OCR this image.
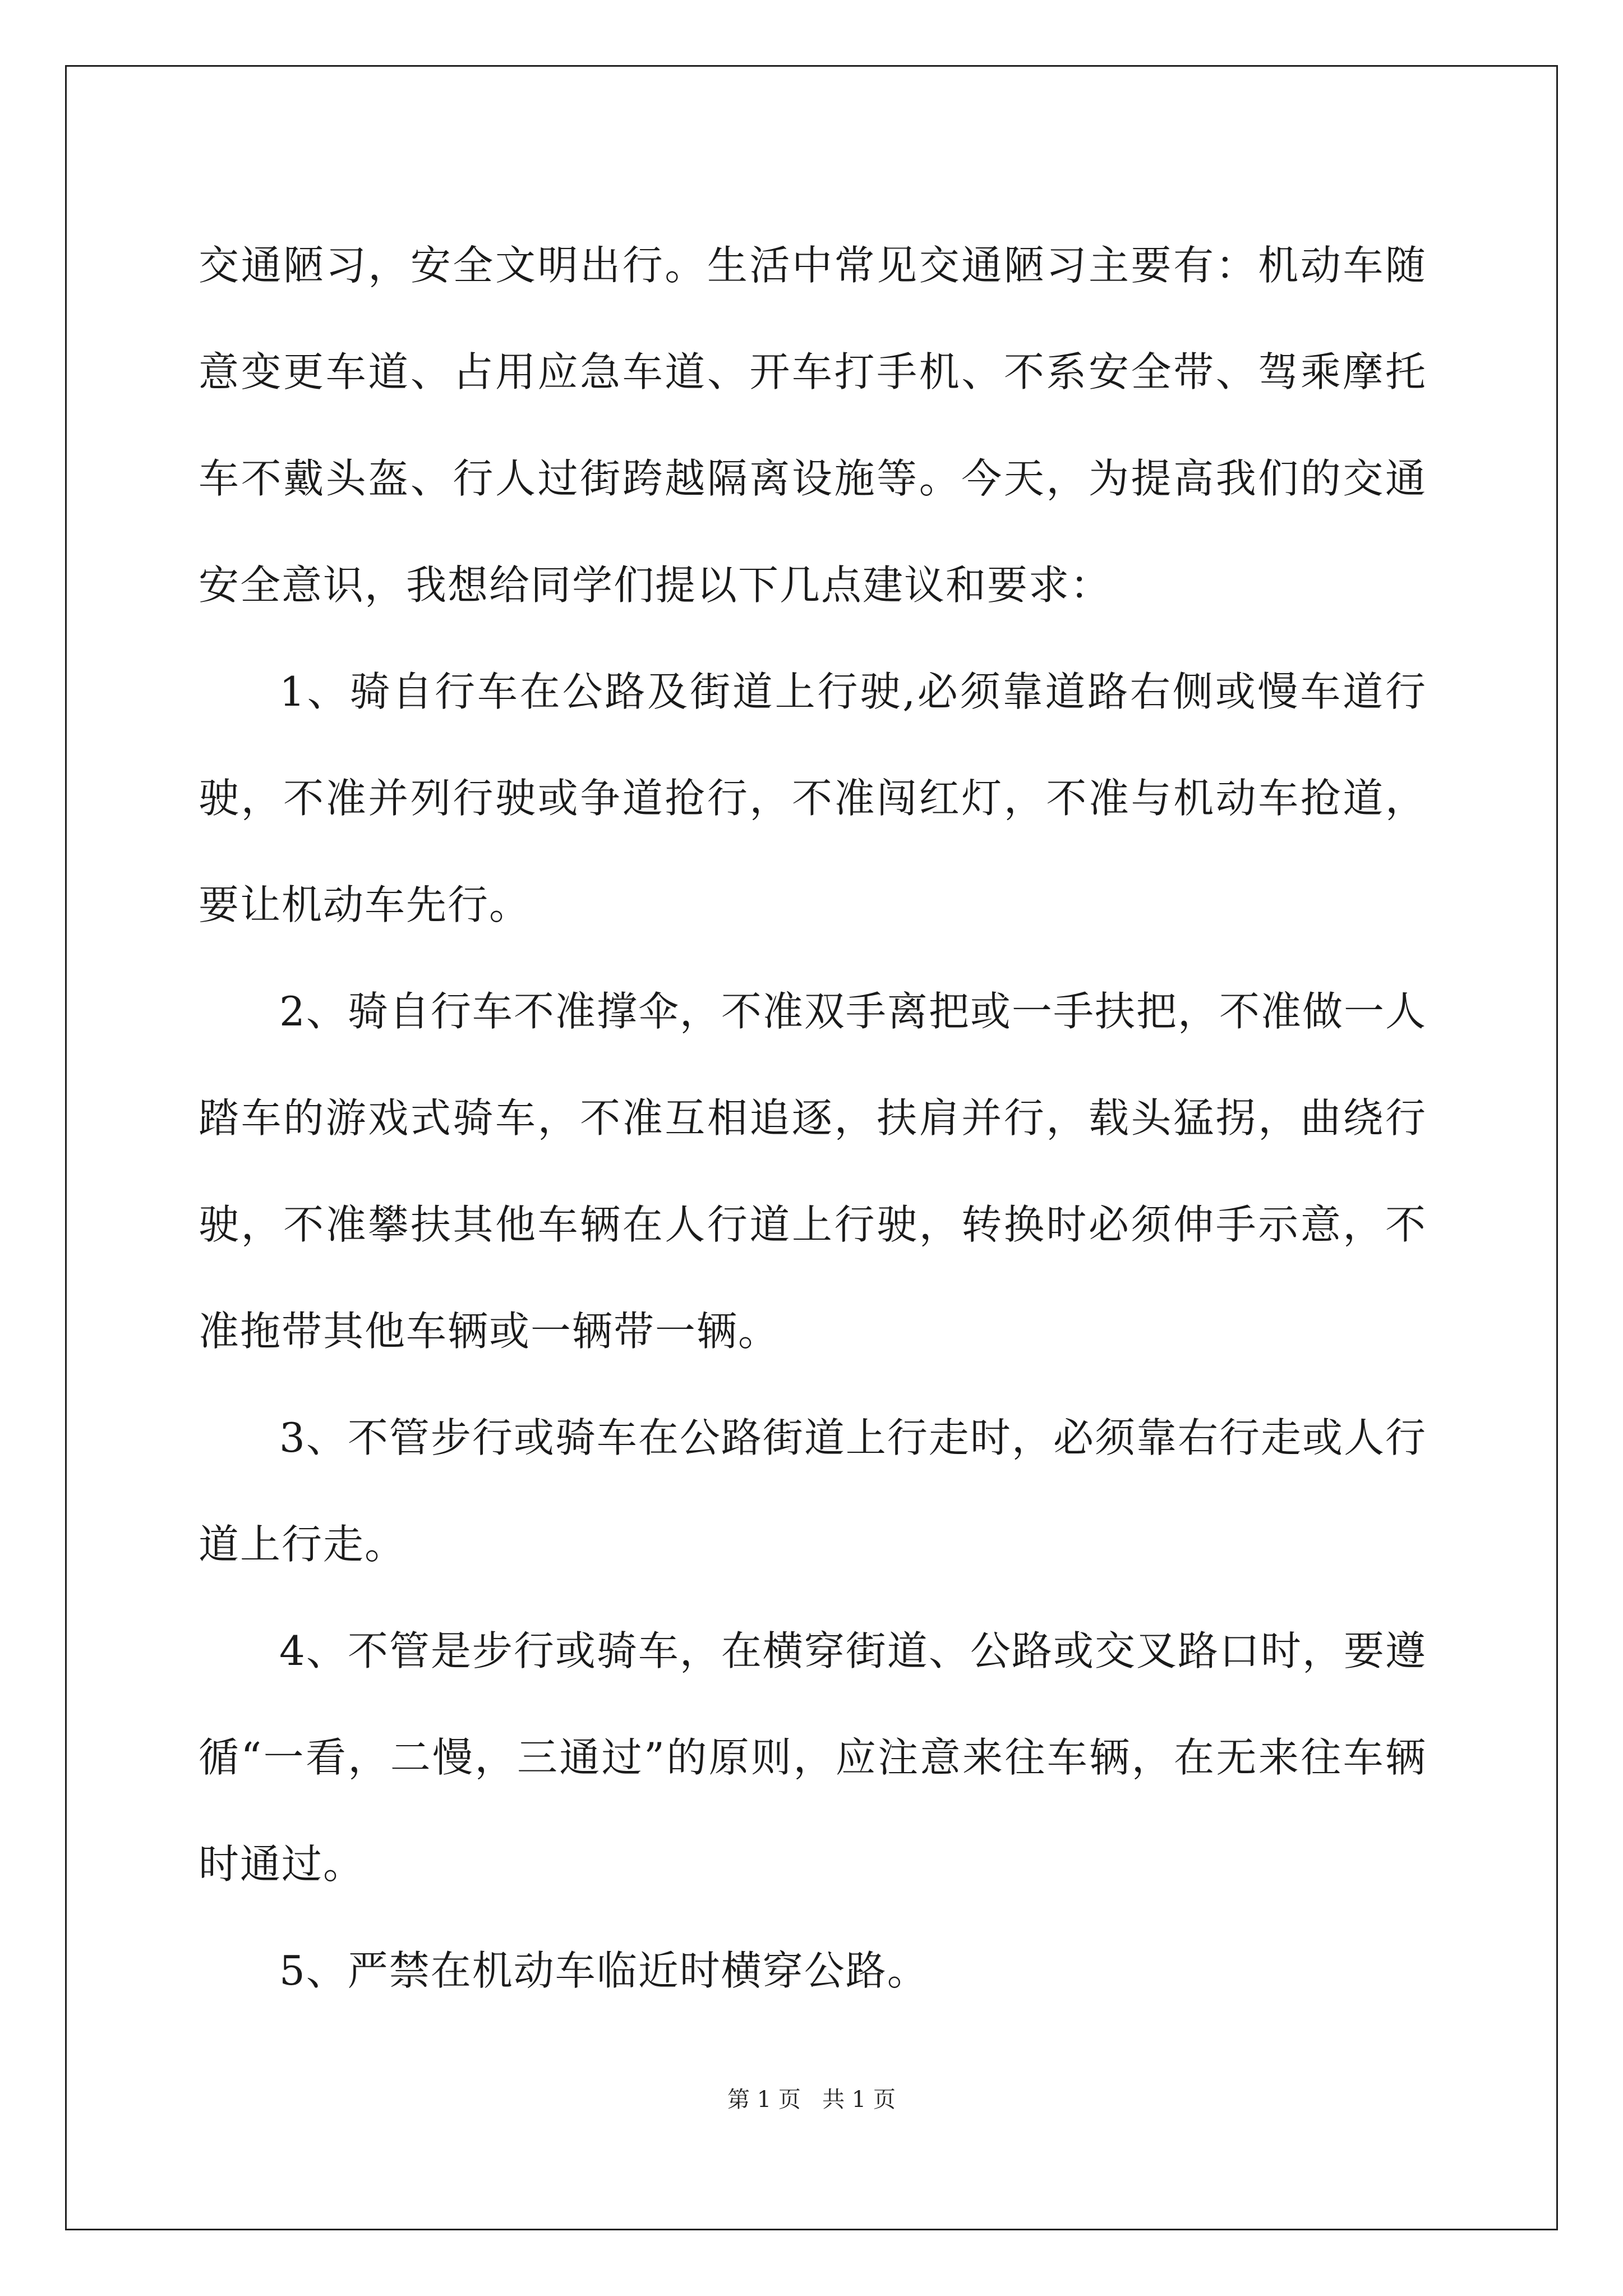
交通陋习，安全文明出行。生活中常见交通陋习主要有：机动车随意变更车道、占用应急车道、开车打手机、不系安全带、驾乘摩托车不戴头盔、行人过街跨越隔离设施等。今天，为提高我们的交通安全意识，我想给同学们提以下几点建议和要求：

1、骑自行车在公路及街道上行驶,必须靠道路右侧或慢车道行驶，不准并列行驶或争道抢行，不准闯红灯，不准与机动车抢道，要让机动车先行。

2、骑自行车不准撑伞，不准双手离把或一手扶把，不准做一人踏车的游戏式骑车，不准互相追逐，扶肩并行，载头猛拐，曲绕行驶，不准攀扶其他车辆在人行道上行驶，转换时必须伸手示意，不准拖带其他车辆或一辆带一辆。

3、不管步行或骑车在公路街道上行走时，必须靠右行走或人行道上行走。

4、不管是步行或骑车，在横穿街道、公路或交叉路口时，要遵循“一看，二慢，三通过”的原则，应注意来往车辆，在无来往车辆时通过。

5、严禁在机动车临近时横穿公路。

第 1 页   共 1 页
